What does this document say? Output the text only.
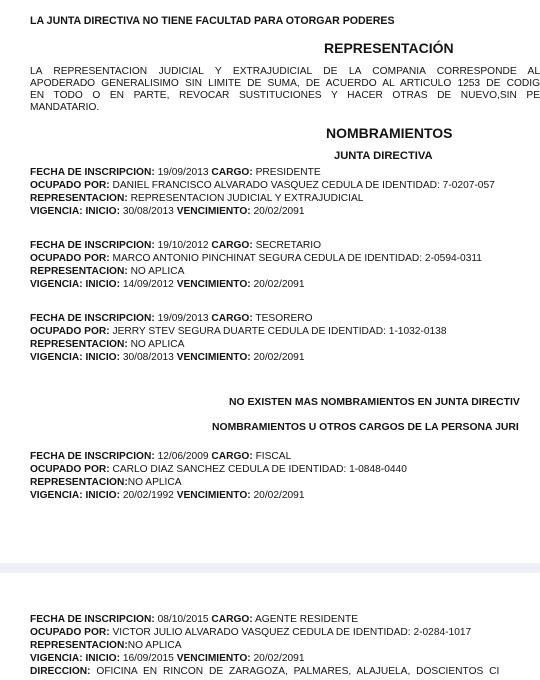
LA JUNTA DIRECTIVA NO TIENE FACULTAD PARA OTORGAR PODERES
REPRESENTACIÓN
LA REPRESENTACION JUDICIAL Y EXTRAJUDICIAL DE LA COMPAÑIA CORRESPONDE AL
APODERADO GENERALISIMO SIN LIMITE DE SUMA, DE ACUERDO AL ARTICULO 1253 DE CODIG
EN TODO O EN PARTE, REVOCAR SUSTITUCIONES Y HACER OTRAS DE NUEVO,SIN PE
MANDATARIO.
NOMBRAMIENTOS
JUNTA DIRECTIVA
FECHA DE INSCRIPCIÓN: 19/09/2013 CARGO: PRESIDENTE
OCUPADO POR: DANIEL FRANCISCO ALVARADO VASQUEZ CEDULA DE IDENTIDAD: 7-0207-057
REPRESENTACIÓN: REPRESENTACION JUDICIAL Y EXTRAJUDICIAL
VIGENCIA: INICIO: 30/08/2013 VENCIMIENTO: 20/02/2091
FECHA DE INSCRIPCIÓN: 19/10/2012 CARGO: SECRETARIO
OCUPADO POR: MARCO ANTONIO PINCHINAT SEGURA CEDULA DE IDENTIDAD: 2-0594-0311
REPRESENTACIÓN: NO APLICA
VIGENCIA: INICIO: 14/09/2012 VENCIMIENTO: 20/02/2091
FECHA DE INSCRIPCIÓN: 19/09/2013 CARGO: TESORERO
OCUPADO POR: JERRY STEV SEGURA DUARTE CEDULA DE IDENTIDAD: 1-1032-0138
REPRESENTACIÓN: NO APLICA
VIGENCIA: INICIO: 30/08/2013 VENCIMIENTO: 20/02/2091
NO EXISTEN MÁS NOMBRAMIENTOS EN JUNTA DIRECTIV
NOMBRAMIENTOS U OTROS CARGOS DE LA PERSONA JURI
FECHA DE INSCRIPCIÓN: 12/06/2009 CARGO: FISCAL
OCUPADO POR: CARLO DIAZ SANCHEZ CEDULA DE IDENTIDAD: 1-0848-0440
REPRESENTACIÓN:NO APLICA
VIGENCIA: INICIO: 20/02/1992 VENCIMIENTO: 20/02/2091
FECHA DE INSCRIPCIÓN: 08/10/2015 CARGO: AGENTE RESIDENTE
OCUPADO POR: VICTOR JULIO ALVARADO VASQUEZ CEDULA DE IDENTIDAD: 2-0284-1017
REPRESENTACIÓN:NO APLICA
VIGENCIA: INICIO: 16/09/2015 VENCIMIENTO: 20/02/2091
DIRECCIÓN: OFICINA EN RINCON DE ZARAGOZA, PALMARES, ALAJUELA, DOSCIENTOS CI
